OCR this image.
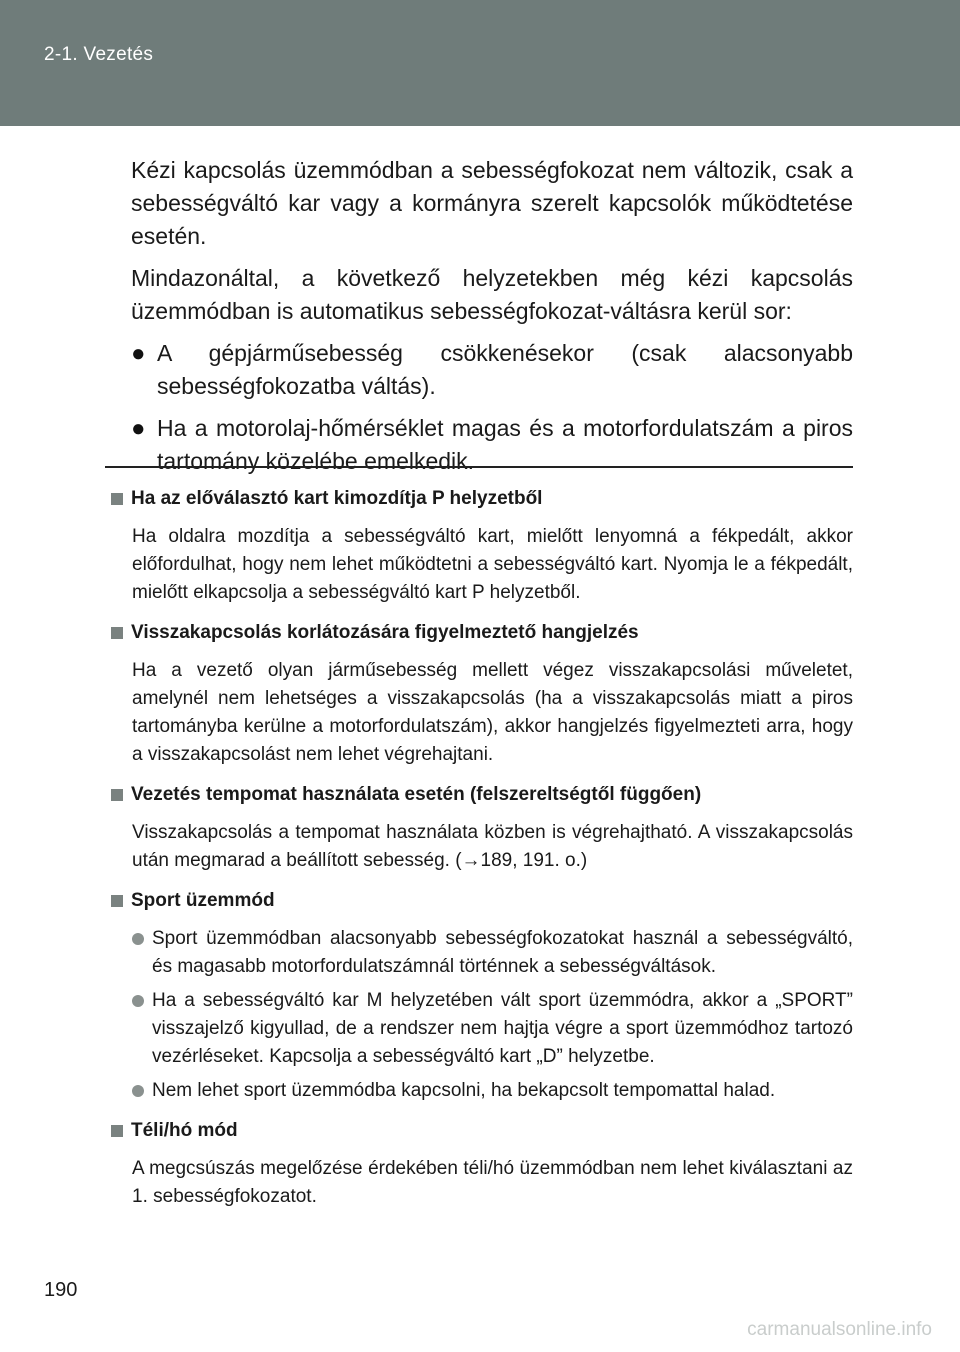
2-1. Vezetés

Kézi kapcsolás üzemmódban a sebességfokozat nem változik, csak a sebességváltó kar vagy a kormányra szerelt kapcsolók működtetése esetén.

Mindazonáltal, a következő helyzetekben még kézi kapcsolás üzemmódban is automatikus sebességfokozat-váltásra kerül sor:

● A gépjárműsebesség csökkenésekor (csak alacsonyabb sebességfokozatba váltás).
● Ha a motorolaj-hőmérséklet magas és a motorfordulatszám a piros tartomány közelébe emelkedik.
Ha az előválasztó kart kimozdítja P helyzetből
Ha oldalra mozdítja a sebességváltó kart, mielőtt lenyomná a fékpedált, akkor előfordulhat, hogy nem lehet működtetni a sebességváltó kart. Nyomja le a fékpedált, mielőtt elkapcsolja a sebességváltó kart P helyzetből.
Visszakapcsolás korlátozására figyelmeztető hangjelzés
Ha a vezető olyan járműsebesség mellett végez visszakapcsolási műveletet, amelynél nem lehetséges a visszakapcsolás (ha a visszakapcsolás miatt a piros tartományba kerülne a motorfordulatszám), akkor hangjelzés figyelmezteti arra, hogy a visszakapcsolást nem lehet végrehajtani.
Vezetés tempomat használata esetén (felszereltségtől függően)
Visszakapcsolás a tempomat használata közben is végrehajtható. A visszakapcsolás után megmarad a beállított sebesség. (→189, 191. o.)
Sport üzemmód
Sport üzemmódban alacsonyabb sebességfokozatokat használ a sebességváltó, és magasabb motorfordulatszámnál történnek a sebességváltások.
Ha a sebességváltó kar M helyzetében vált sport üzemmódra, akkor a „SPORT” visszajelző kigyullad, de a rendszer nem hajtja végre a sport üzemmódhoz tartozó vezérléseket. Kapcsolja a sebességváltó kart „D” helyzetbe.
Nem lehet sport üzemmódba kapcsolni, ha bekapcsolt tempomattal halad.
Téli/hó mód
A megcsúszás megelőzése érdekében téli/hó üzemmódban nem lehet kiválasztani az 1. sebességfokozatot.
190
carmanualsonline.info
